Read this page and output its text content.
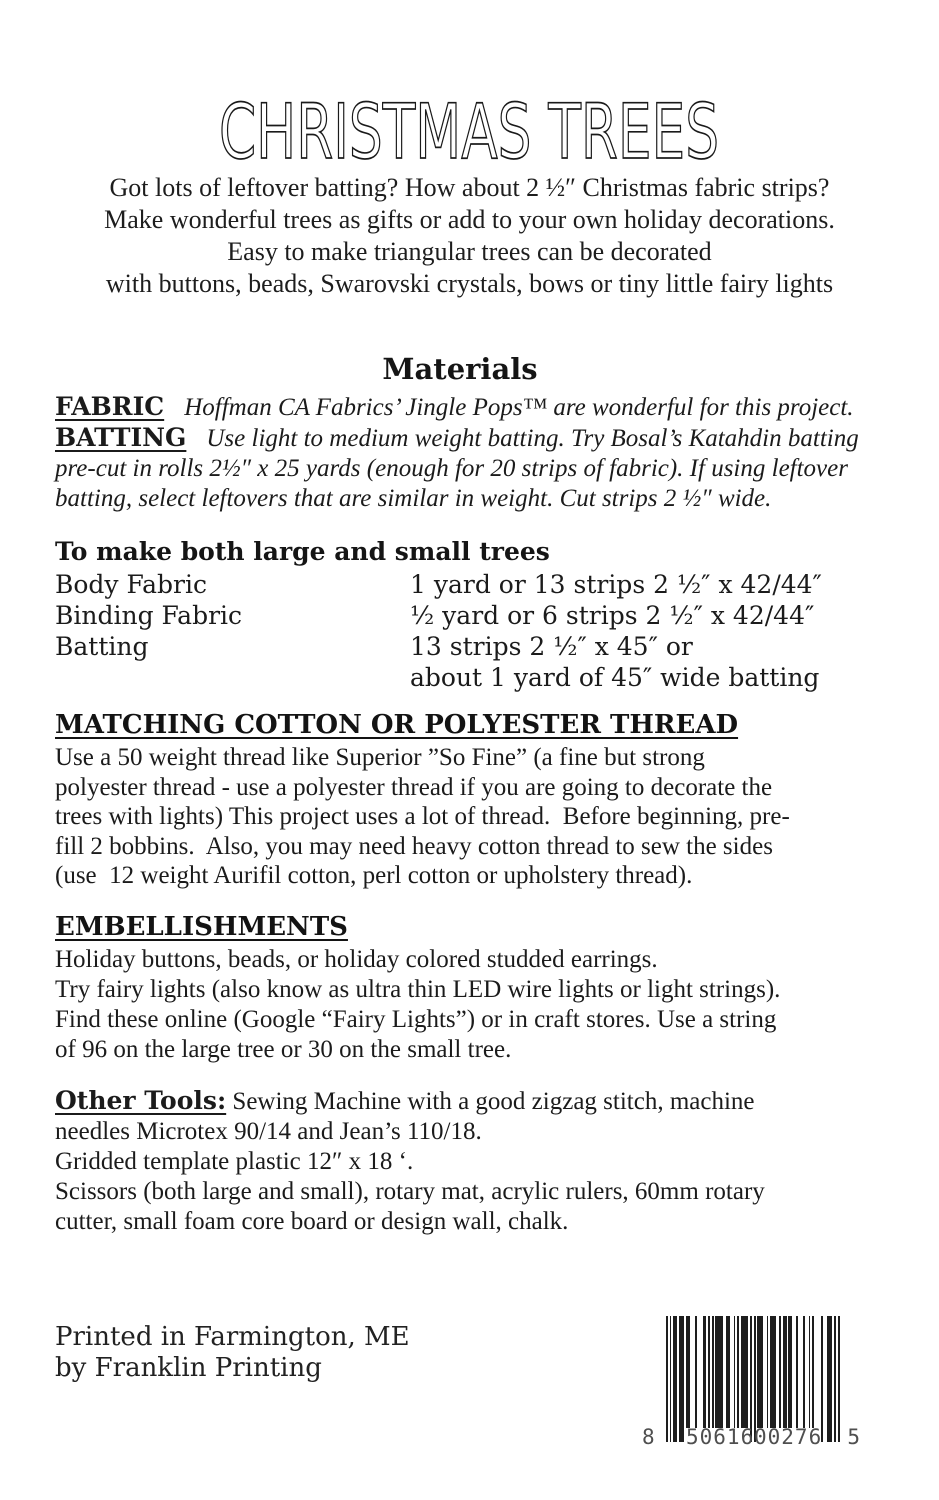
CHRISTMAS TREES
Got lots of leftover batting? How about 2 ½″ Christmas fabric strips?
Make wonderful trees as gifts or add to your own holiday decorations.
Easy to make triangular trees can be decorated
with buttons, beads, Swarovski crystals, bows or tiny little fairy lights
Materials
FABRIC Hoffman CA Fabrics’ Jingle Pops™ are wonderful for this project.
BATTING Use light to medium weight batting. Try Bosal’s Katahdin batting
pre-cut in rolls 2½″ x 25 yards (enough for 20 strips of fabric). If using leftover
batting, select leftovers that are similar in weight. Cut strips 2 ½″ wide.
To make both large and small trees
Body Fabric	1 yard or 13 strips 2 ½″ x 42/44″
Binding Fabric	½ yard or 6 strips 2 ½″ x 42/44″
Batting	13 strips 2 ½″ x 45″ or
about 1 yard of 45″ wide batting
MATCHING COTTON OR POLYESTER THREAD
Use a 50 weight thread like Superior ”So Fine” (a fine but strong
polyester thread - use a polyester thread if you are going to decorate the
trees with lights) This project uses a lot of thread.  Before beginning, pre-
fill 2 bobbins.  Also, you may need heavy cotton thread to sew the sides
(use  12 weight Aurifil cotton, perl cotton or upholstery thread).
EMBELLISHMENTS
Holiday buttons, beads, or holiday colored studded earrings.
Try fairy lights (also know as ultra thin LED wire lights or light strings).
Find these online (Google “Fairy Lights”) or in craft stores. Use a string
of 96 on the large tree or 30 on the small tree.
Other Tools: Sewing Machine with a good zigzag stitch, machine
needles Microtex 90/14 and Jean’s 110/18.
Gridded template plastic 12″ x 18 ‘.
Scissors (both large and small), rotary mat, acrylic rulers, 60mm rotary
cutter, small foam core board or design wall, chalk.
Printed in Farmington, ME
by Franklin Printing
8 50616 00276 5
